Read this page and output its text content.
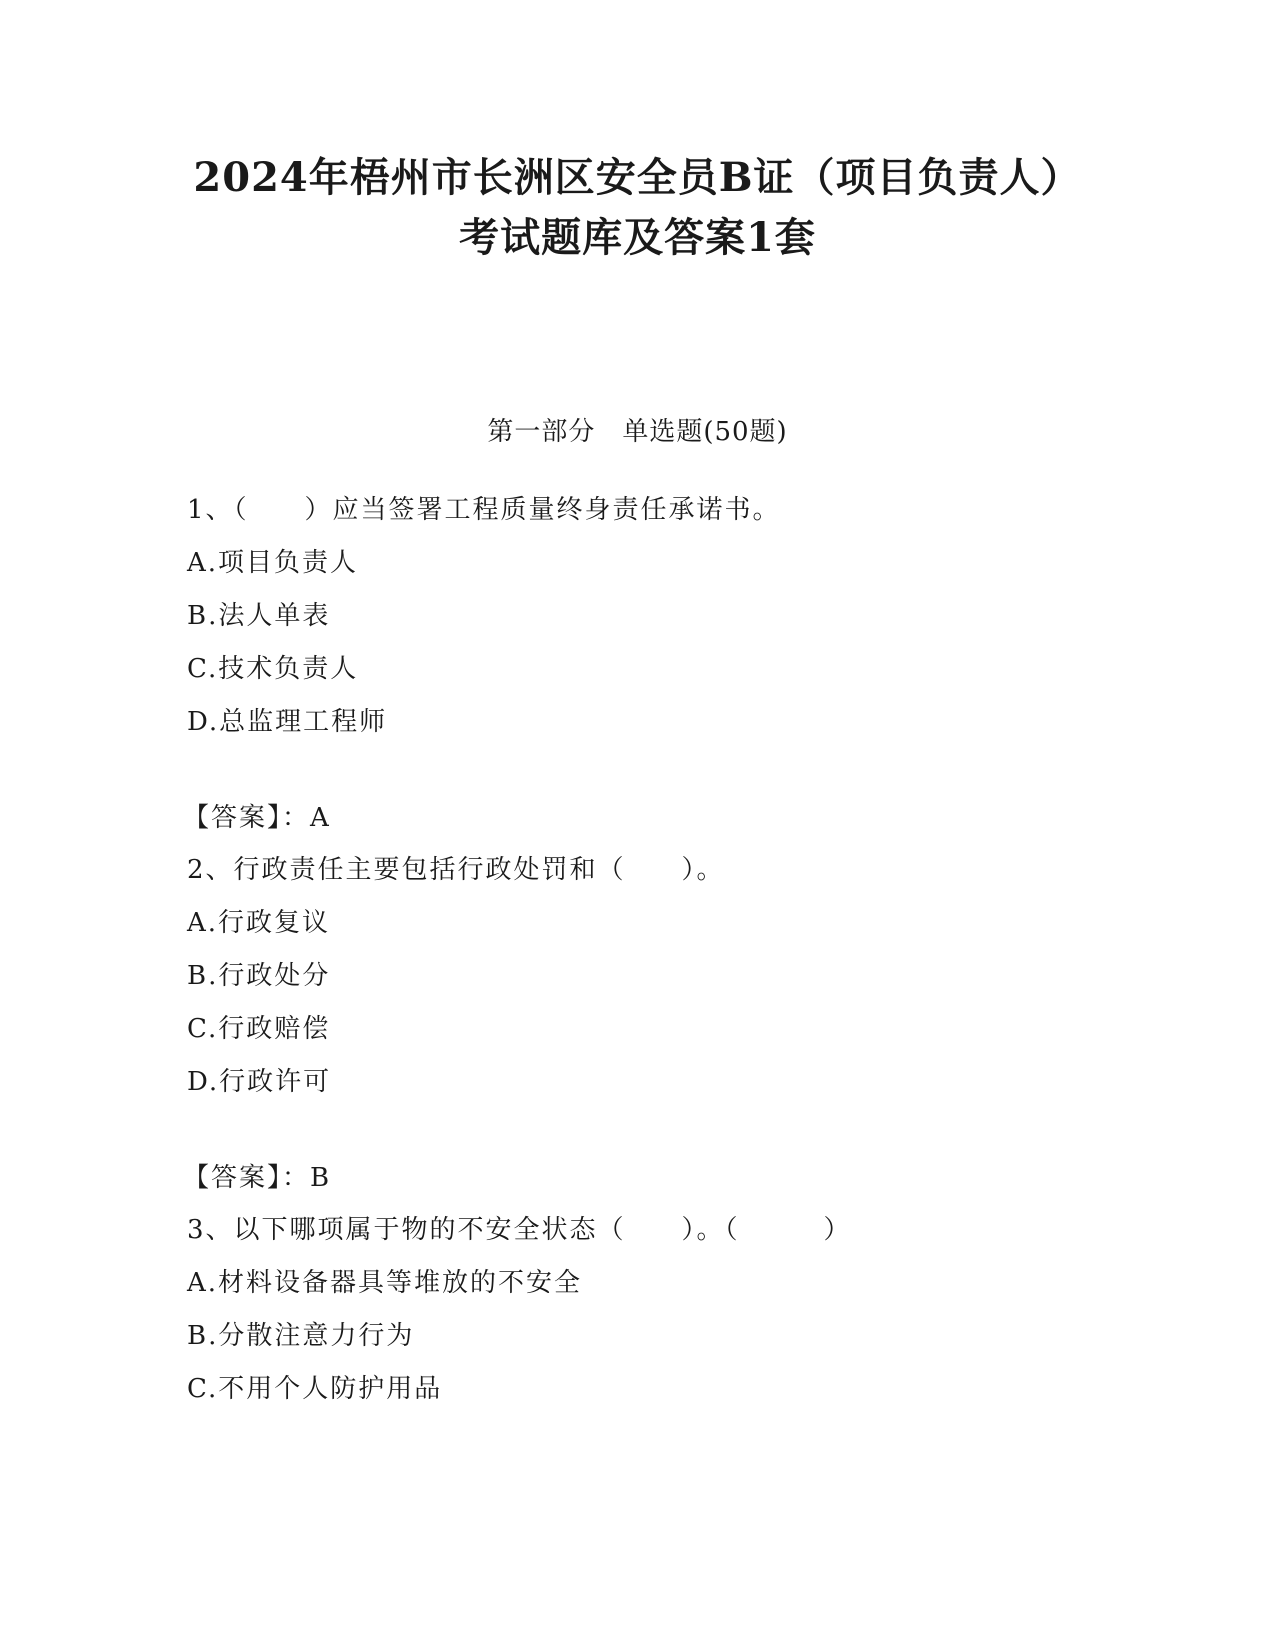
2024年梧州市长洲区安全员B证（项目负责人）
考试题库及答案1套
第一部分　单选题(50题)
1、（　　）应当签署工程质量终身责任承诺书。
A.项目负责人
B.法人单表
C.技术负责人
D.总监理工程师
【答案】：A
2、行政责任主要包括行政处罚和（　　）。
A.行政复议
B.行政处分
C.行政赔偿
D.行政许可
【答案】：B
3、以下哪项属于物的不安全状态（　　）。（　　　）
A.材料设备器具等堆放的不安全
B.分散注意力行为
C.不用个人防护用品
